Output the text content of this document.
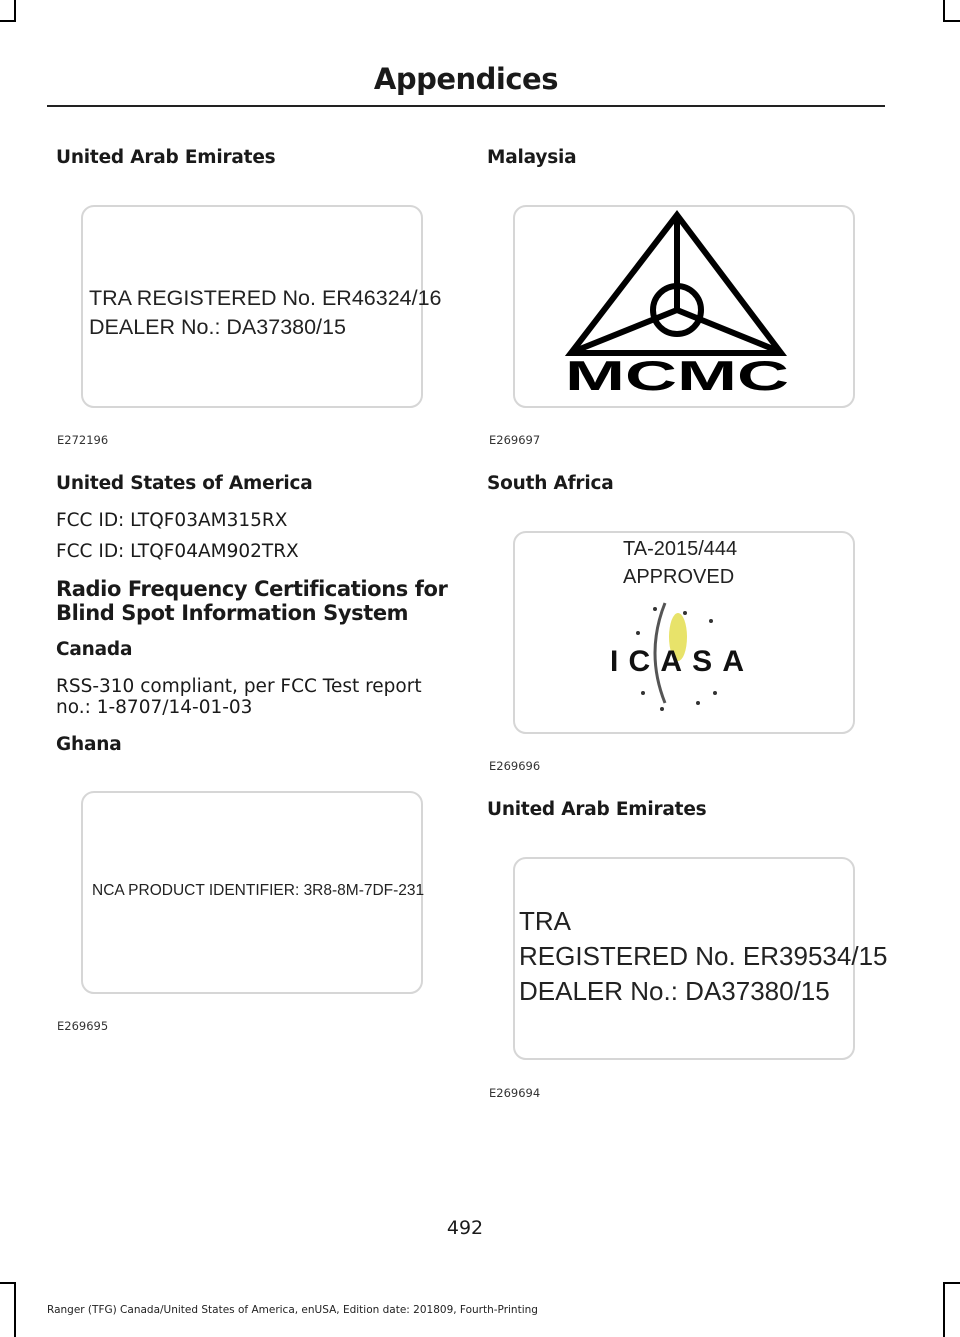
Appendices
United Arab Emirates
TRA REGISTERED No. ER46324/16
DEALER No.: DA37380/15
E272196
United States of America
FCC ID: LTQF03AM315RX
FCC ID: LTQF04AM902TRX
Radio Frequency Certifications for
Blind Spot Information System
Canada
RSS-310 compliant, per FCC Test report
no.: 1-8707/14-01-03
Ghana
NCA PRODUCT IDENTIFIER: 3R8-8M-7DF-231
E269695
Malaysia
MCMC
E269697
South Africa
TA-2015/444
APPROVED
ICASA
E269696
United Arab Emirates
TRA
REGISTERED No. ER39534/15
DEALER No.: DA37380/15
E269694
492
Ranger (TFG) Canada/United States of America, enUSA, Edition date: 201809, Fourth-Printing
